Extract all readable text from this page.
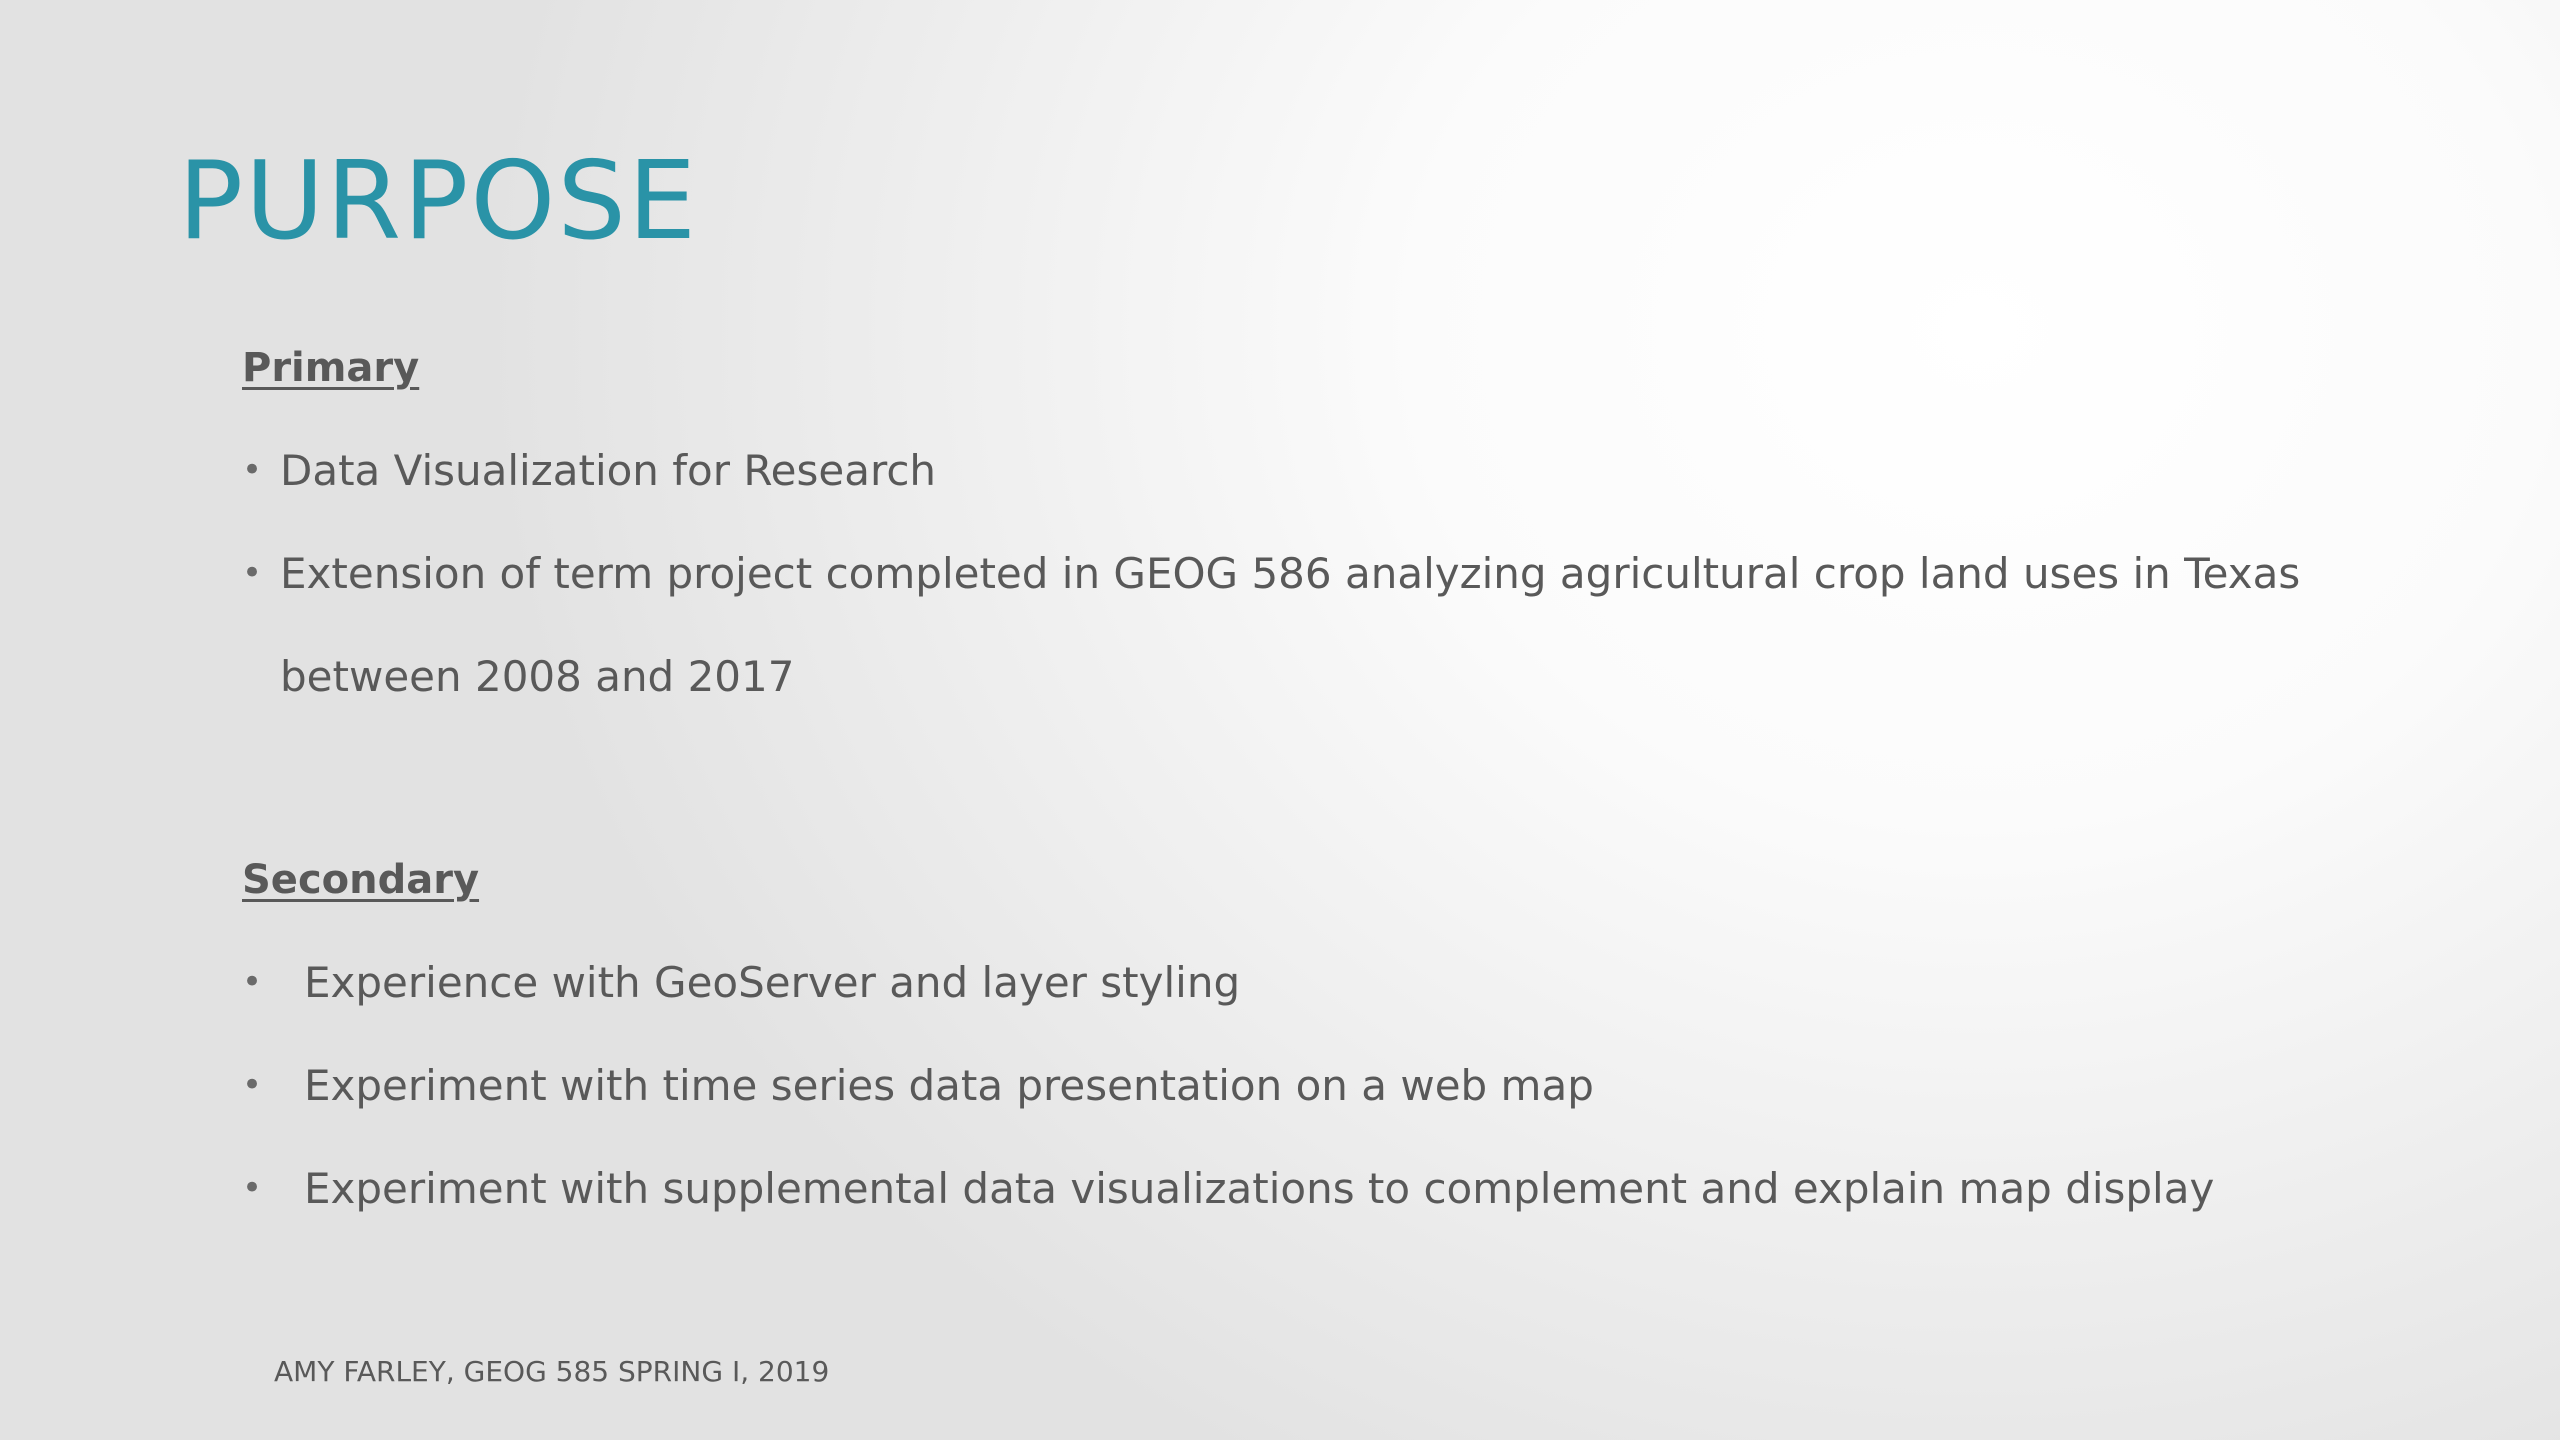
PURPOSE
Primary
• Data Visualization for Research
• Extension of term project completed in GEOG 586 analyzing agricultural crop land uses in Texas
between 2008 and 2017
Secondary
• Experience with GeoServer and layer styling
• Experiment with time series data presentation on a web map
• Experiment with supplemental data visualizations to complement and explain map display
AMY FARLEY, GEOG 585 SPRING I, 2019
